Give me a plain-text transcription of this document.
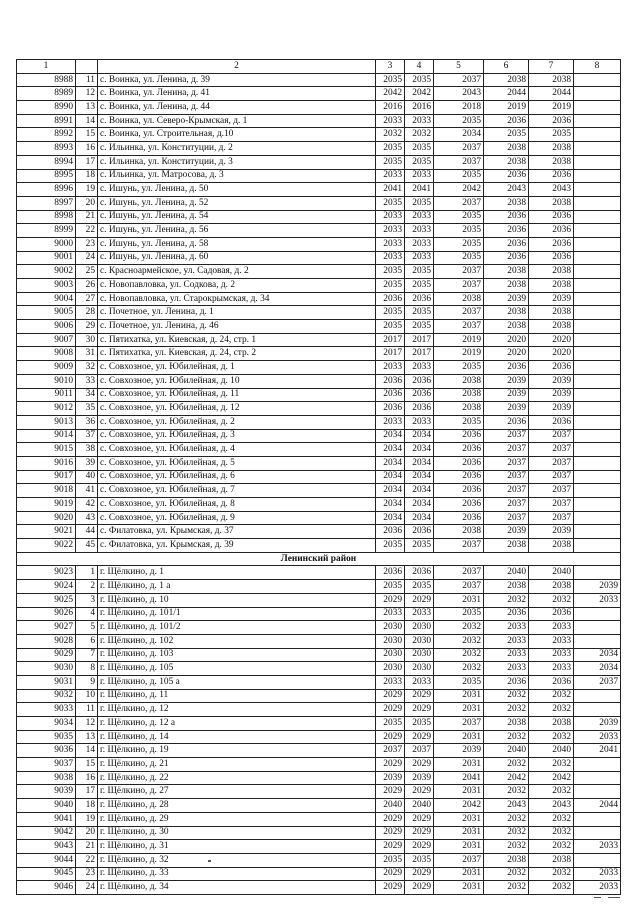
1		2	3	4	5	6	7	8
8988	11	с. Воинка, ул. Ленина, д. 39	2035	2035	2037	2038	2038	
8989	12	с. Воинка, ул. Ленина, д. 41	2042	2042	2043	2044	2044	
8990	13	с. Воинка, ул. Ленина, д. 44	2016	2016	2018	2019	2019	
8991	14	с. Воинка, ул. Северо-Крымская, д. 1	2033	2033	2035	2036	2036	
8992	15	с. Воинка, ул. Строительная, д.10	2032	2032	2034	2035	2035	
8993	16	с. Ильинка, ул. Конституции, д. 2	2035	2035	2037	2038	2038	
8994	17	с. Ильинка, ул. Конституции, д. 3	2035	2035	2037	2038	2038	
8995	18	с. Ильинка, ул. Матросова, д. 3	2033	2033	2035	2036	2036	
8996	19	с. Ишунь, ул. Ленина, д. 50	2041	2041	2042	2043	2043	
8997	20	с. Ишунь, ул. Ленина, д. 52	2035	2035	2037	2038	2038	
8998	21	с. Ишунь, ул. Ленина, д. 54	2033	2033	2035	2036	2036	
8999	22	с. Ишунь, ул. Ленина, д. 56	2033	2033	2035	2036	2036	
9000	23	с. Ишунь, ул. Ленина, д. 58	2033	2033	2035	2036	2036	
9001	24	с. Ишунь, ул. Ленина, д. 60	2033	2033	2035	2036	2036	
9002	25	с. Красноармейское, ул. Садовая, д. 2	2035	2035	2037	2038	2038	
9003	26	с. Новопавловка, ул. Содкова, д. 2	2035	2035	2037	2038	2038	
9004	27	с. Новопавловка, ул. Старокрымская, д. 34	2036	2036	2038	2039	2039	
9005	28	с. Почетное, ул. Ленина, д. 1	2035	2035	2037	2038	2038	
9006	29	с. Почетное, ул. Ленина, д. 46	2035	2035	2037	2038	2038	
9007	30	с. Пятихатка, ул. Киевская, д. 24, стр. 1	2017	2017	2019	2020	2020	
9008	31	с. Пятихатка, ул. Киевская, д. 24, стр. 2	2017	2017	2019	2020	2020	
9009	32	с. Совхозное, ул. Юбилейная, д. 1	2033	2033	2035	2036	2036	
9010	33	с. Совхозное, ул. Юбилейная, д. 10	2036	2036	2038	2039	2039	
9011	34	с. Совхозное, ул. Юбилейная, д. 11	2036	2036	2038	2039	2039	
9012	35	с. Совхозное, ул. Юбилейная, д. 12	2036	2036	2038	2039	2039	
9013	36	с. Совхозное, ул. Юбилейная, д. 2	2033	2033	2035	2036	2036	
9014	37	с. Совхозное, ул. Юбилейная, д. 3	2034	2034	2036	2037	2037	
9015	38	с. Совхозное, ул. Юбилейная, д. 4	2034	2034	2036	2037	2037	
9016	39	с. Совхозное, ул. Юбилейная, д. 5	2034	2034	2036	2037	2037	
9017	40	с. Совхозное, ул. Юбилейная, д. 6	2034	2034	2036	2037	2037	
9018	41	с. Совхозное, ул. Юбилейная, д. 7	2034	2034	2036	2037	2037	
9019	42	с. Совхозное, ул. Юбилейная, д. 8	2034	2034	2036	2037	2037	
9020	43	с. Совхозное, ул. Юбилейная, д. 9	2034	2034	2036	2037	2037	
9021	44	с. Филатовка, ул. Крымская, д. 37	2036	2036	2038	2039	2039	
9022	45	с. Филатовка, ул. Крымская, д. 39	2035	2035	2037	2038	2038	
Ленинский район								
9023	1	г. Щёлкино, д. 1	2036	2036	2037	2040	2040	
9024	2	г. Щёлкино, д. 1 а	2035	2035	2037	2038	2038	2039
9025	3	г. Щёлкино, д. 10	2029	2029	2031	2032	2032	2033
9026	4	г. Щёлкино, д. 101/1	2033	2033	2035	2036	2036	
9027	5	г. Щёлкино, д. 101/2	2030	2030	2032	2033	2033	
9028	6	г. Щёлкино, д. 102	2030	2030	2032	2033	2033	
9029	7	г. Щёлкино, д. 103	2030	2030	2032	2033	2033	2034
9030	8	г. Щёлкино, д. 105	2030	2030	2032	2033	2033	2034
9031	9	г. Щёлкино, д. 105 а	2033	2033	2035	2036	2036	2037
9032	10	г. Щёлкино, д. 11	2029	2029	2031	2032	2032	
9033	11	г. Щёлкино, д. 12	2029	2029	2031	2032	2032	
9034	12	г. Щёлкино, д. 12 а	2035	2035	2037	2038	2038	2039
9035	13	г. Щёлкино, д. 14	2029	2029	2031	2032	2032	2033
9036	14	г. Щёлкино, д. 19	2037	2037	2039	2040	2040	2041
9037	15	г. Щёлкино, д. 21	2029	2029	2031	2032	2032	
9038	16	г. Щёлкино, д. 22	2039	2039	2041	2042	2042	
9039	17	г. Щёлкино, д. 27	2029	2029	2031	2032	2032	
9040	18	г. Щёлкино, д. 28	2040	2040	2042	2043	2043	2044
9041	19	г. Щёлкино, д. 29	2029	2029	2031	2032	2032	
9042	20	г. Щёлкино, д. 30	2029	2029	2031	2032	2032	
9043	21	г. Щёлкино, д. 31	2029	2029	2031	2032	2032	2033
9044	22	г. Щёлкино, д. 32	2035	2035	2037	2038	2038	
9045	23	г. Щёлкино, д. 33	2029	2029	2031	2032	2032	2033
9046	24	г. Щёлкино, д. 34	2029	2029	2031	2032	2032	2033
